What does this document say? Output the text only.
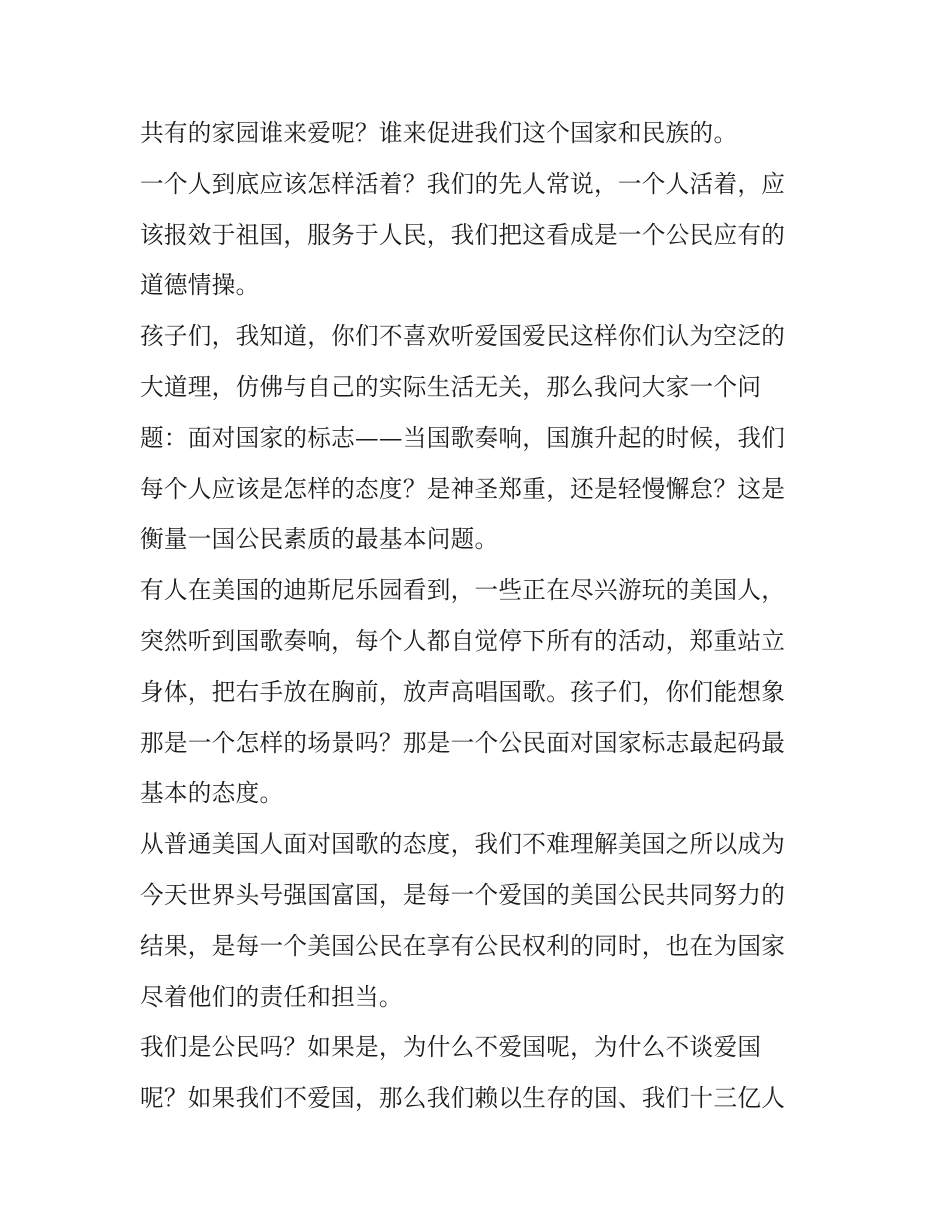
共有的家园谁来爱呢？谁来促进我们这个国家和民族的。
一个人到底应该怎样活着？我们的先人常说，一个人活着，应
该报效于祖国，服务于人民，我们把这看成是一个公民应有的
道德情操。
孩子们，我知道，你们不喜欢听爱国爱民这样你们认为空泛的
大道理，仿佛与自己的实际生活无关，那么我问大家一个问
题：面对国家的标志——当国歌奏响，国旗升起的时候，我们
每个人应该是怎样的态度？是神圣郑重，还是轻慢懈怠？这是
衡量一国公民素质的最基本问题。
有人在美国的迪斯尼乐园看到，一些正在尽兴游玩的美国人，
突然听到国歌奏响，每个人都自觉停下所有的活动，郑重站立
身体，把右手放在胸前，放声高唱国歌。孩子们，你们能想象
那是一个怎样的场景吗？那是一个公民面对国家标志最起码最
基本的态度。
从普通美国人面对国歌的态度，我们不难理解美国之所以成为
今天世界头号强国富国，是每一个爱国的美国公民共同努力的
结果，是每一个美国公民在享有公民权利的同时，也在为国家
尽着他们的责任和担当。
我们是公民吗？如果是，为什么不爱国呢，为什么不谈爱国
呢？如果我们不爱国，那么我们赖以生存的国、我们十三亿人
